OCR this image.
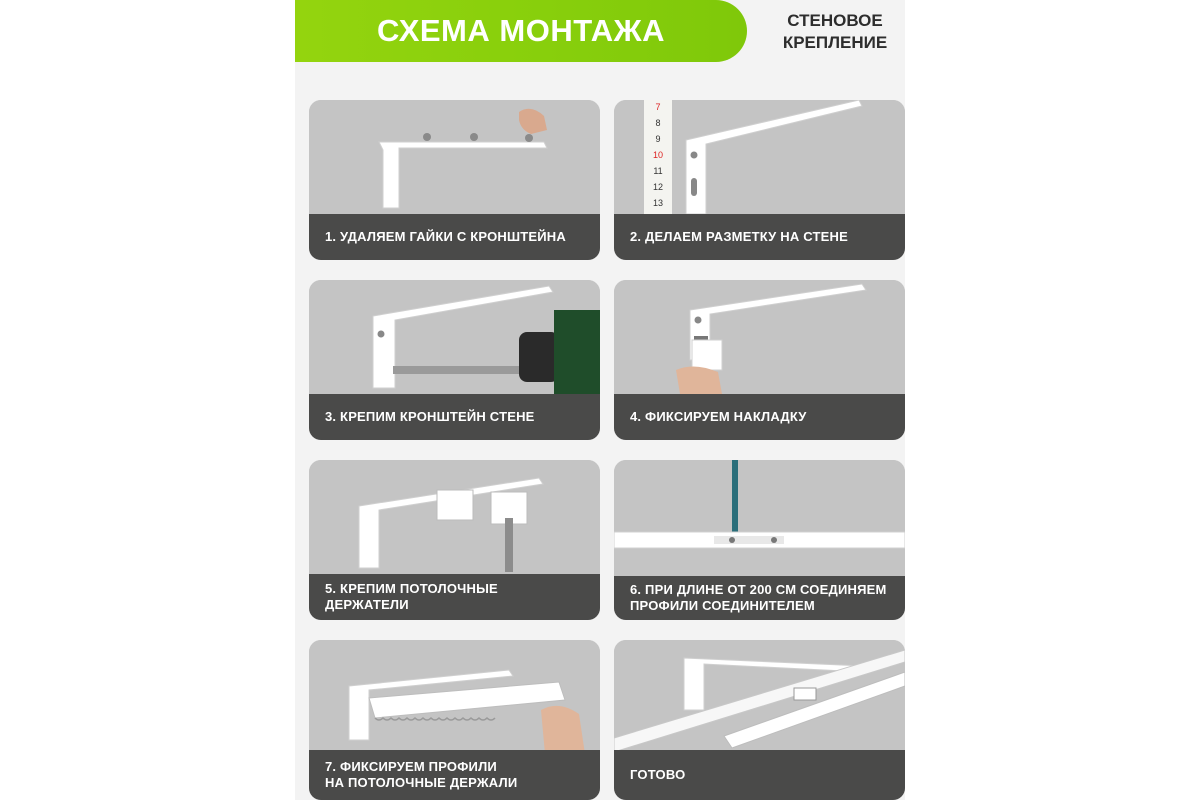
СХЕМА МОНТАЖА	СТЕНОВОЕ
КРЕПЛЕНИЕ
1. УДАЛЯЕМ ГАЙКИ С КРОНШТЕЙНА
7
8
9
10
11
12
13
2. ДЕЛАЕМ РАЗМЕТКУ НА СТЕНЕ
3. КРЕПИМ КРОНШТЕЙН СТЕНЕ	4. ФИКСИРУЕМ НАКЛАДКУ
5. КРЕПИМ ПОТОЛОЧНЫЕ ДЕРЖАТЕЛИ
6. ПРИ ДЛИНЕ ОТ 200 СМ СОЕДИНЯЕМ
ПРОФИЛИ СОЕДИНИТЕЛЕМ
7. ФИКСИРУЕМ ПРОФИЛИ
НА ПОТОЛОЧНЫЕ ДЕРЖАЛИ
ГОТОВО
